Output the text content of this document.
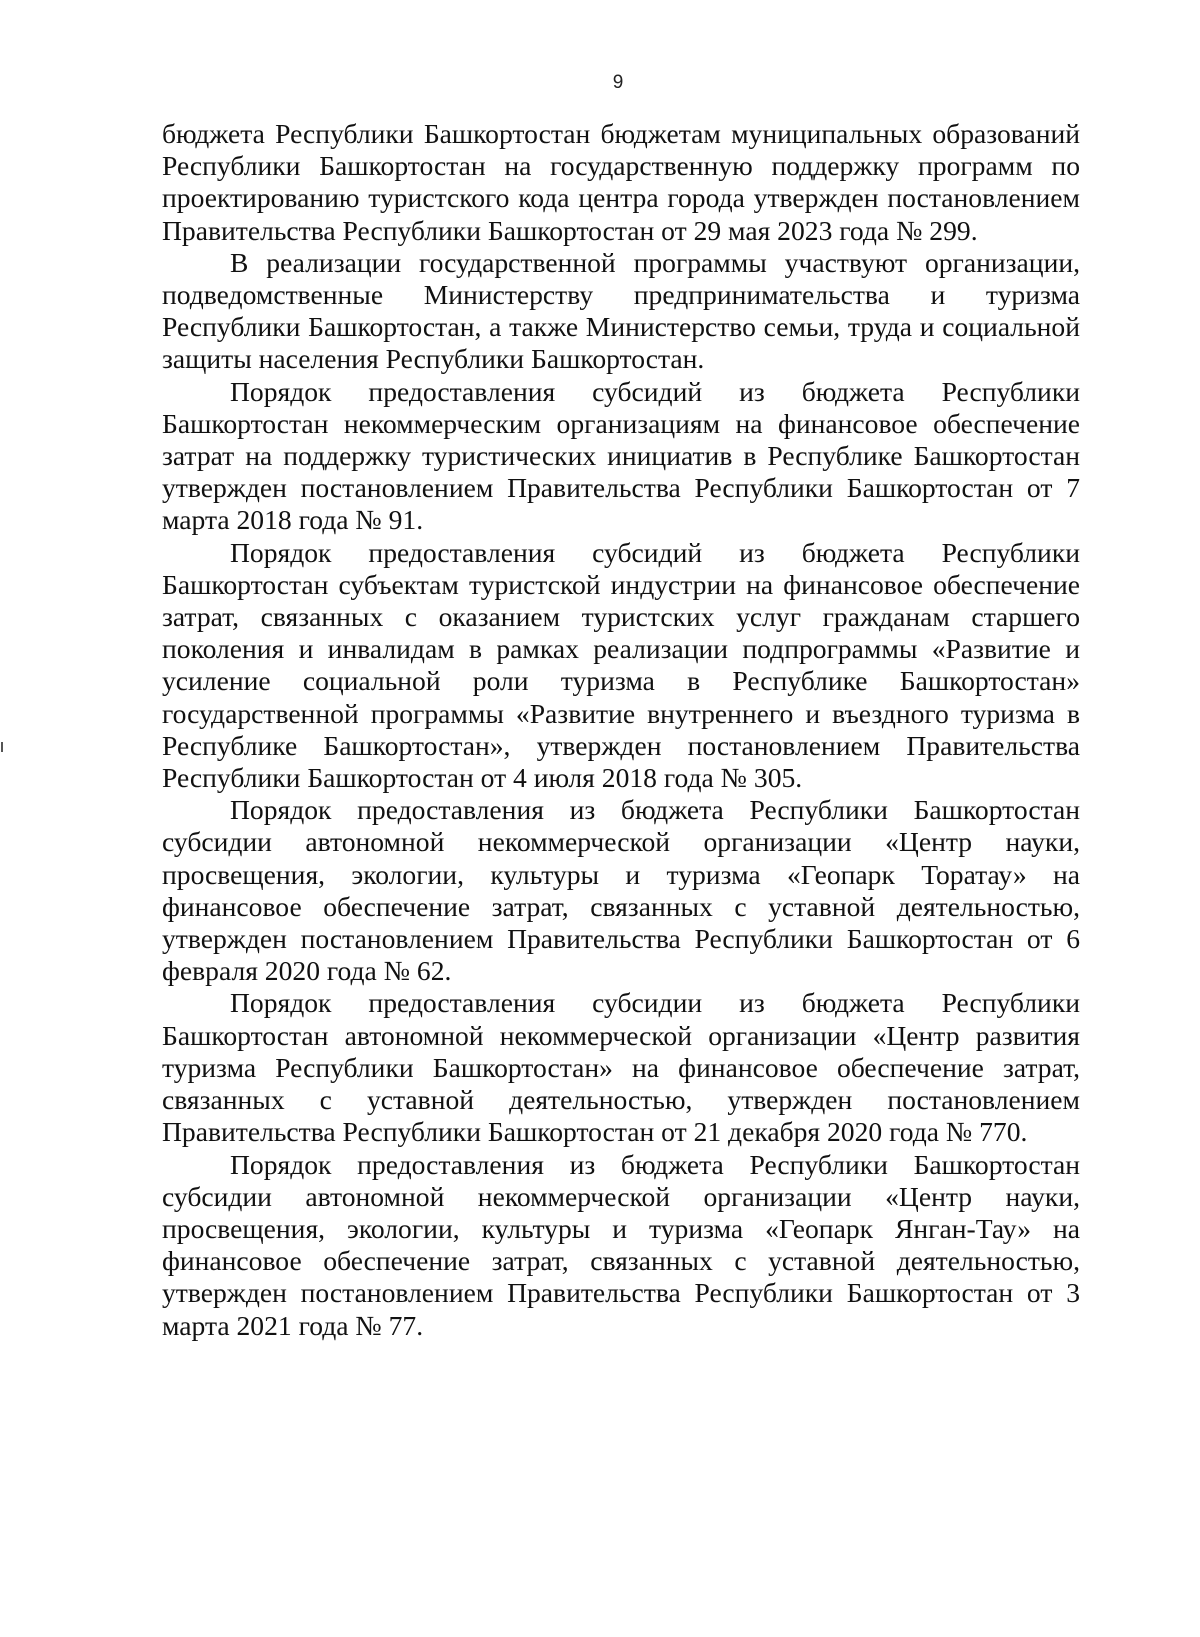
9

бюджета Республики Башкортостан бюджетам муниципальных образований Республики Башкортостан на государственную поддержку программ по проектированию туристского кода центра города утвержден постановлением Правительства Республики Башкортостан от 29 мая 2023 года № 299.

В реализации государственной программы участвуют организации, подведомственные Министерству предпринимательства и туризма Республики Башкортостан, а также Министерство семьи, труда и социальной защиты населения Республики Башкортостан.

Порядок предоставления субсидий из бюджета Республики Башкортостан некоммерческим организациям на финансовое обеспечение затрат на поддержку туристических инициатив в Республике Башкортостан утвержден постановлением Правительства Республики Башкортостан от 7 марта 2018 года № 91.

Порядок предоставления субсидий из бюджета Республики Башкортостан субъектам туристской индустрии на финансовое обеспечение затрат, связанных с оказанием туристских услуг гражданам старшего поколения и инвалидам в рамках реализации подпрограммы «Развитие и усиление социальной роли туризма в Республике Башкортостан» государственной программы «Развитие внутреннего и въездного туризма в Республике Башкортостан», утвержден постановлением Правительства Республики Башкортостан от 4 июля 2018 года № 305.

Порядок предоставления из бюджета Республики Башкортостан субсидии автономной некоммерческой организации «Центр науки, просвещения, экологии, культуры и туризма «Геопарк Торатау» на финансовое обеспечение затрат, связанных с уставной деятельностью, утвержден постановлением Правительства Республики Башкортостан от 6 февраля 2020 года № 62.

Порядок предоставления субсидии из бюджета Республики Башкортостан автономной некоммерческой организации «Центр развития туризма Республики Башкортостан» на финансовое обеспечение затрат, связанных с уставной деятельностью, утвержден постановлением Правительства Республики Башкортостан от 21 декабря 2020 года № 770.

Порядок предоставления из бюджета Республики Башкортостан субсидии автономной некоммерческой организации «Центр науки, просвещения, экологии, культуры и туризма «Геопарк Янган-Тау» на финансовое обеспечение затрат, связанных с уставной деятельностью, утвержден постановлением Правительства Республики Башкортостан от 3 марта 2021 года № 77.
